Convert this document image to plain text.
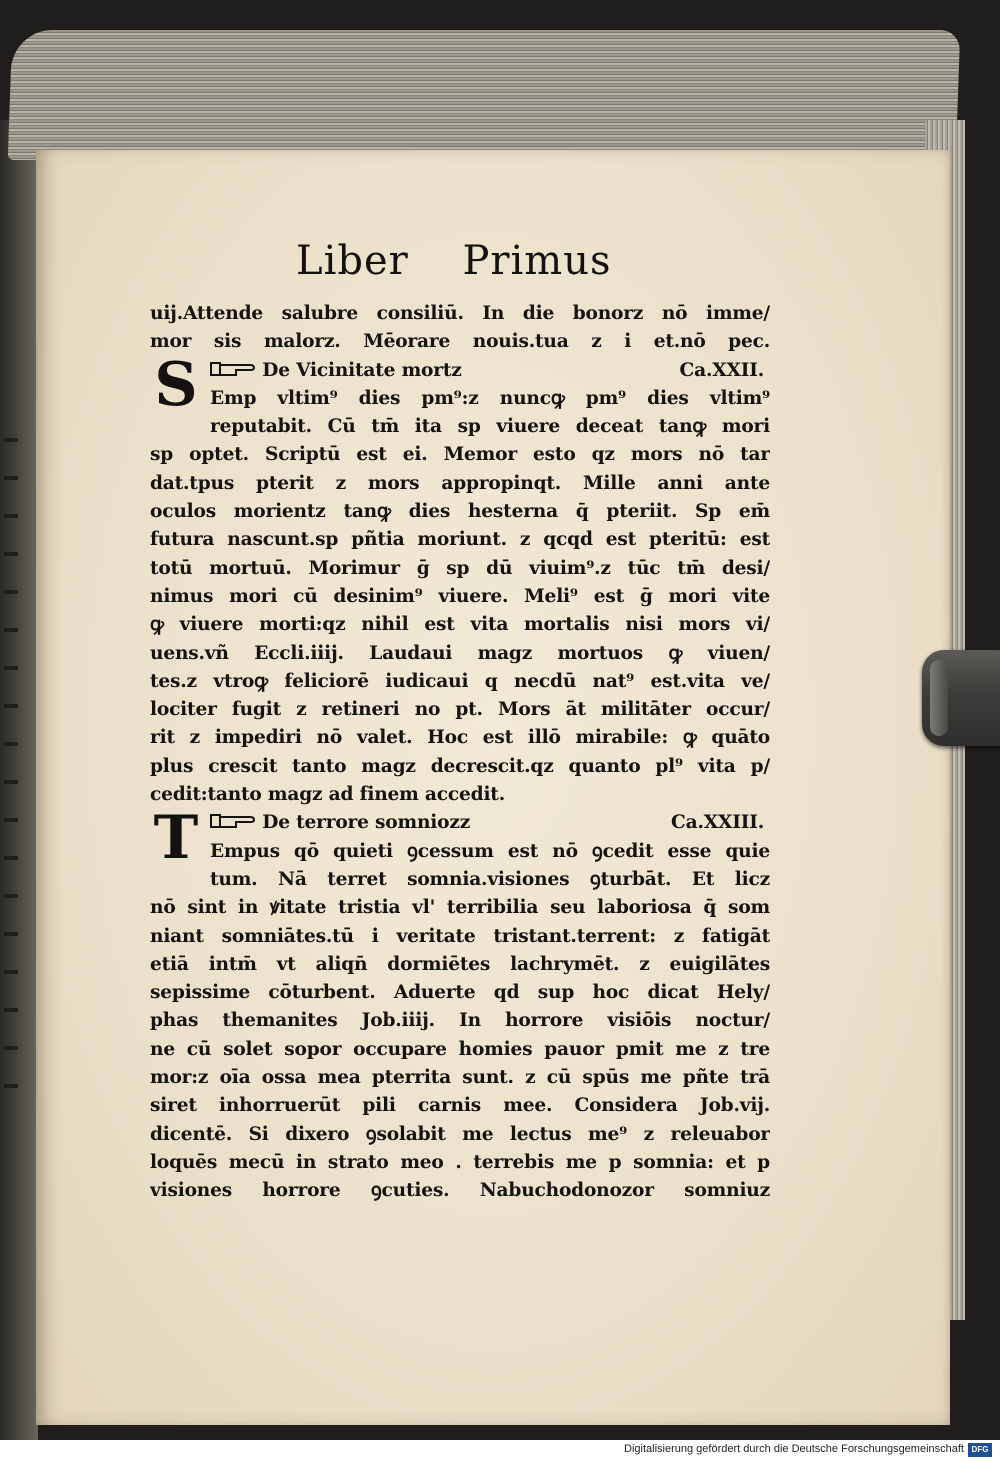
Liber Primus
uij.Attende salubre consiliū. In die bonorz nō imme/
mor sis malorz. Mēorare nouis.tua z i et.nō pec.
De Vicinitate mortz	Ca.XXII.
Emp vltim⁹ dies pm⁹:z nuncꝙ pm⁹ dies vltim⁹
reputabit. Cū tm̄ ita sp viuere deceat tanꝙ mori
sp optet. Scriptū est ei. Memor esto qz mors nō tar
dat.tpus pterit z mors appropinqt. Mille anni ante
oculos morientz tanꝙ dies hesterna q̄ pteriit. Sp em̄
futura nascunt.sp pñtia moriunt. z qcqd est pteritū: est
totū mortuū. Morimur ḡ sp dū viuim⁹.z tūc tm̄ desi/
nimus mori cū desinim⁹ viuere. Meli⁹ est ḡ mori vite
ꝙ viuere morti:qz nihil est vita mortalis nisi mors vi/
uens.vñ Eccli.iiij. Laudaui magz mortuos ꝙ viuen/
tes.z vtroꝙ feliciorē iudicaui q necdū nat⁹ est.vita ve/
lociter fugit z retineri no pt. Mors āt militāter occur/
rit z impediri nō valet. Hoc est illō mirabile: ꝙ quāto
plus crescit tanto magz decrescit.qz quanto pl⁹ vita p/
cedit:tanto magz ad finem accedit.
De terrore somniozz	Ca.XXIII.
Empus qō quieti ꝯcessum est nō ꝯcedit esse quie
tum. Nā terret somnia.visiones ꝯturbāt. Et licz
nō sint in ꝟitate tristia vl' terribilia seu laboriosa q̄ som
niant somniātes.tū i veritate tristant.terrent: z fatigāt
etiā intm̄ vt aliqn̄ dormiētes lachrymēt. z euigilātes
sepissime cōturbent. Aduerte qd sup hoc dicat Hely/
phas themanites Job.iiij. In horrore visiōis noctur/
ne cū solet sopor occupare homies pauor pmit me z tre
mor:z oīa ossa mea pterrita sunt. z cū spūs me pñte trā
siret inhorruerūt pili carnis mee. Considera Job.vij.
dicentē. Si dixero ꝯsolabit me lectus me⁹ z releuabor
loquēs mecū in strato meo . terrebis me p somnia: et p
visiones horrore ꝯcuties. Nabuchodonozor somniuz
S
T
Digitalisierung gefördert durch die Deutsche Forschungsgemeinschaft DFG
